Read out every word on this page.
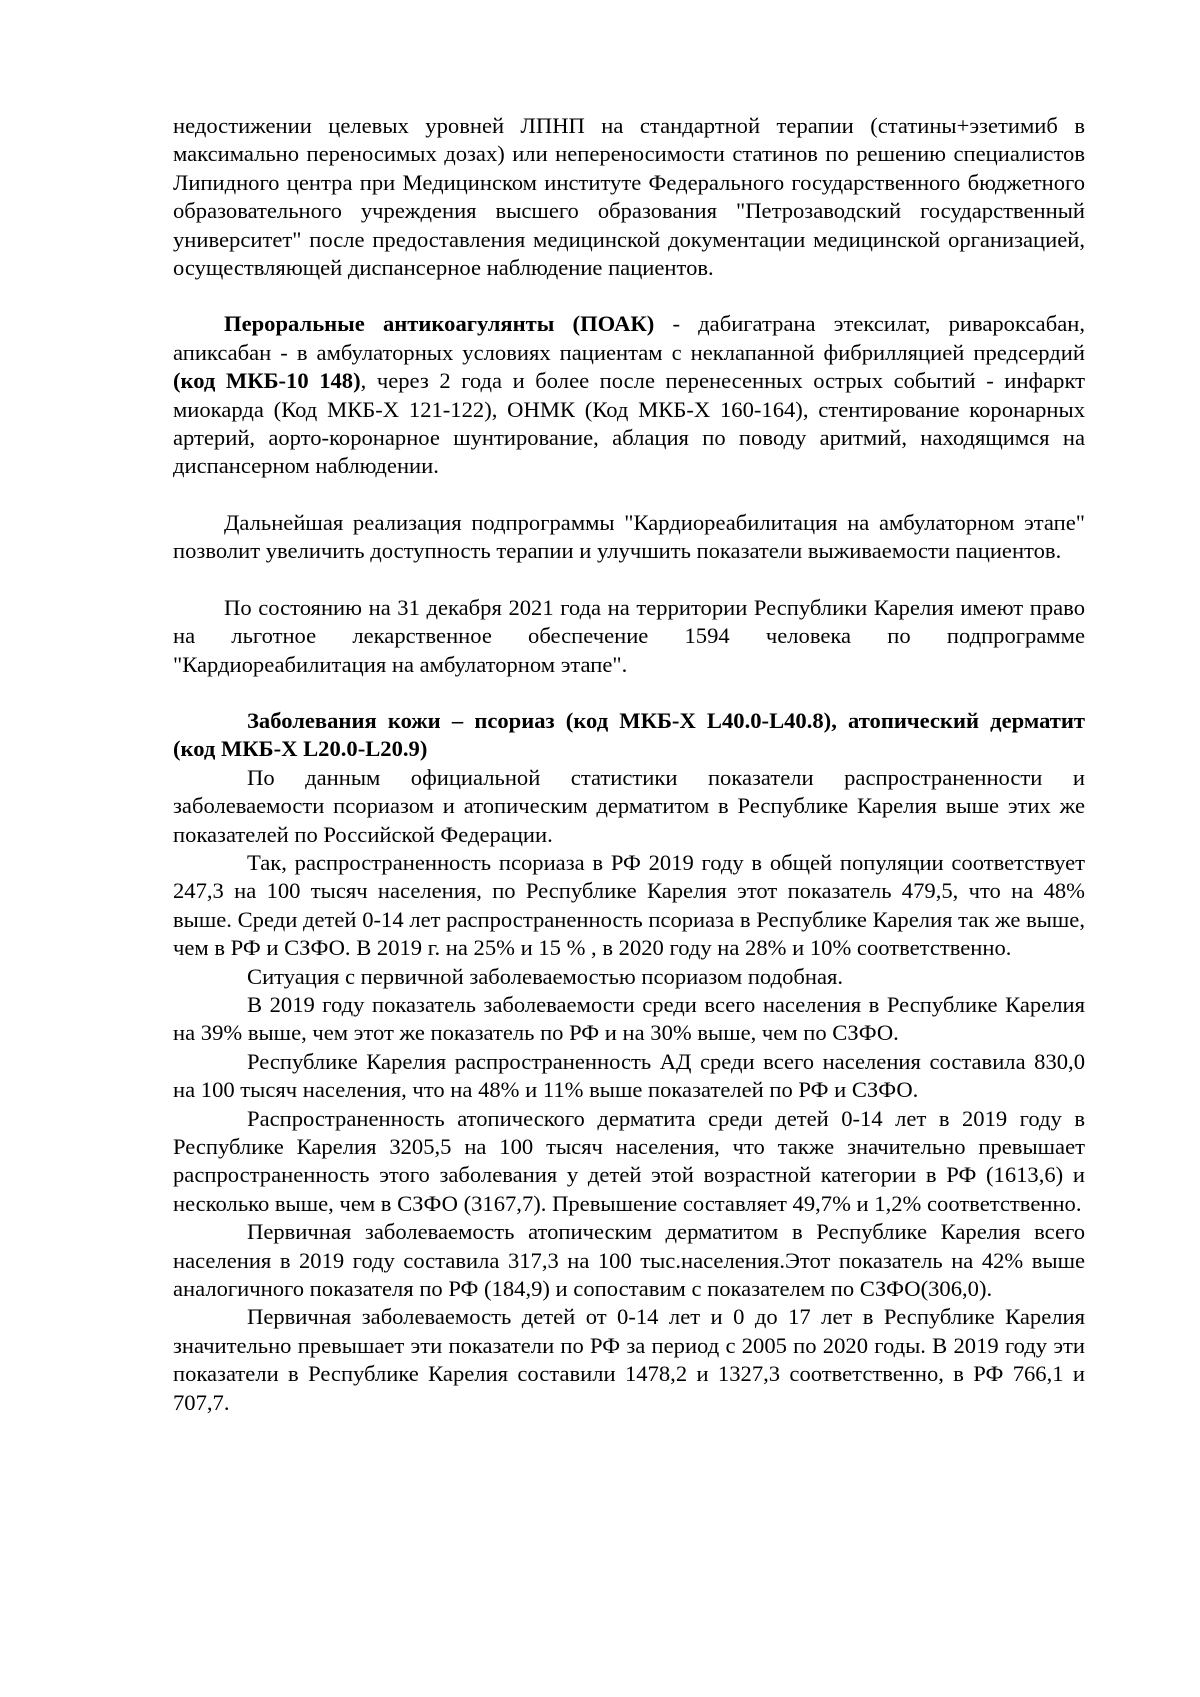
недостижении целевых уровней ЛПНП на стандартной терапии (статины+эзетимиб в максимально переносимых дозах) или непереносимости статинов по решению специалистов Липидного центра при Медицинском институте Федерального государственного бюджетного образовательного учреждения высшего образования "Петрозаводский государственный университет" после предоставления медицинской документации медицинской организацией, осуществляющей диспансерное наблюдение пациентов.

Пероральные антикоагулянты (ПОАК) - дабигатрана этексилат, ривароксабан, апиксабан - в амбулаторных условиях пациентам с неклапанной фибрилляцией предсердий (код МКБ-10 148), через 2 года и более после перенесенных острых событий - инфаркт миокарда (Код МКБ-Х 121-122), ОНМК (Код МКБ-Х 160-164), стентирование коронарных артерий, аорто-коронарное шунтирование, аблация по поводу аритмий, находящимся на диспансерном наблюдении.

Дальнейшая реализация подпрограммы "Кардиореабилитация на амбулаторном этапе" позволит увеличить доступность терапии и улучшить показатели выживаемости пациентов.

По состоянию на 31 декабря 2021 года на территории Республики Карелия имеют право на льготное лекарственное обеспечение 1594 человека по подпрограмме "Кардиореабилитация на амбулаторном этапе".

Заболевания кожи – псориаз (код МКБ-Х L40.0-L40.8), атопический дерматит (код МКБ-Х L20.0-L20.9)

По данным официальной статистики показатели распространенности и заболеваемости псориазом и атопическим дерматитом в Республике Карелия выше этих же показателей по Российской Федерации.

Так, распространенность псориаза в РФ 2019 году в общей популяции соответствует 247,3 на 100 тысяч населения, по Республике Карелия этот показатель 479,5, что на 48% выше. Среди детей 0-14 лет распространенность псориаза в Республике Карелия так же выше, чем в РФ и СЗФО. В 2019 г. на 25% и 15 % , в 2020 году на 28% и 10% соответственно.

Ситуация с первичной заболеваемостью псориазом подобная.

В 2019 году показатель заболеваемости среди всего населения в Республике Карелия на 39% выше, чем этот же показатель по РФ и на 30% выше, чем по СЗФО.

Республике Карелия распространенность АД среди всего населения составила 830,0 на 100 тысяч населения, что на 48% и 11% выше показателей по РФ и СЗФО.

Распространенность атопического дерматита среди детей 0-14 лет в 2019 году в Республике Карелия 3205,5 на 100 тысяч населения, что также значительно превышает распространенность этого заболевания у детей этой возрастной категории в РФ (1613,6) и несколько выше, чем в СЗФО (3167,7). Превышение составляет 49,7% и 1,2% соответственно.

Первичная заболеваемость атопическим дерматитом в Республике Карелия всего населения в 2019 году составила 317,3 на 100 тыс.населения.Этот показатель на 42% выше аналогичного показателя по РФ (184,9) и сопоставим с показателем по СЗФО(306,0).

Первичная заболеваемость детей от 0-14 лет и 0 до 17 лет в Республике Карелия значительно превышает эти показатели по РФ за период с 2005 по 2020 годы. В 2019 году эти показатели в Республике Карелия составили 1478,2 и 1327,3 соответственно, в РФ 766,1 и 707,7.
